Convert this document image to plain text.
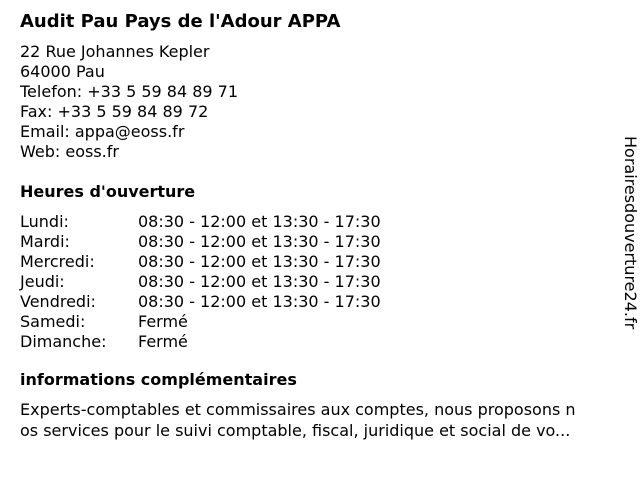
Audit Pau Pays de l'Adour APPA
22 Rue Johannes Kepler
64000 Pau
Telefon: +33 5 59 84 89 71
Fax: +33 5 59 84 89 72
Email: appa@eoss.fr
Web: eoss.fr
Heures d'ouverture
Lundi:	08:30 - 12:00 et 13:30 - 17:30
Mardi:	08:30 - 12:00 et 13:30 - 17:30
Mercredi:	08:30 - 12:00 et 13:30 - 17:30
Jeudi:	08:30 - 12:00 et 13:30 - 17:30
Vendredi:	08:30 - 12:00 et 13:30 - 17:30
Samedi:	Fermé
Dimanche:	Fermé
informations complémentaires
Experts-comptables et commissaires aux comptes, nous proposons n
os services pour le suivi comptable, fiscal, juridique et social de vo...
Horairesdouverture24.fr
